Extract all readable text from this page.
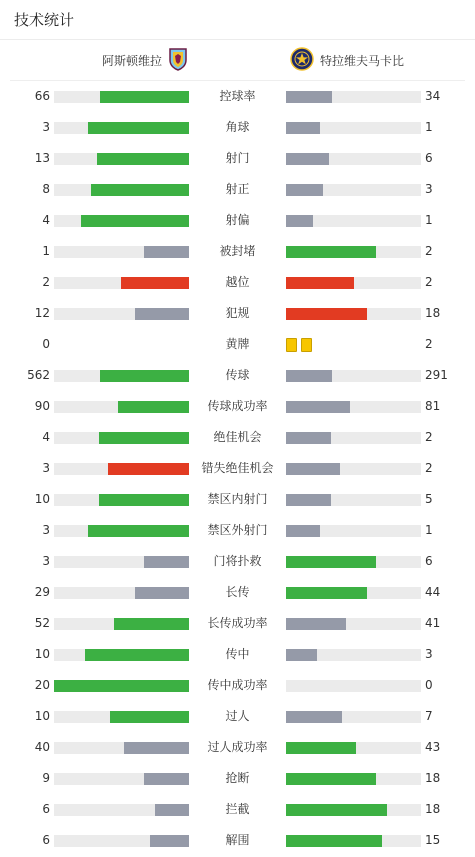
技术统计
阿斯顿维拉	特拉维夫马卡比
66	控球率	34
3	角球	1
13	射门	6
8	射正	3
4	射偏	1
1	被封堵	2
2	越位	2
12	犯规	18
0	黄牌	2
562	传球	291
90	传球成功率	81
4	绝佳机会	2
3	错失绝佳机会	2
10	禁区内射门	5
3	禁区外射门	1
3	门将扑救	6
29	长传	44
52	长传成功率	41
10	传中	3
20	传中成功率	0
10	过人	7
40	过人成功率	43
9	抢断	18
6	拦截	18
6	解围	15
